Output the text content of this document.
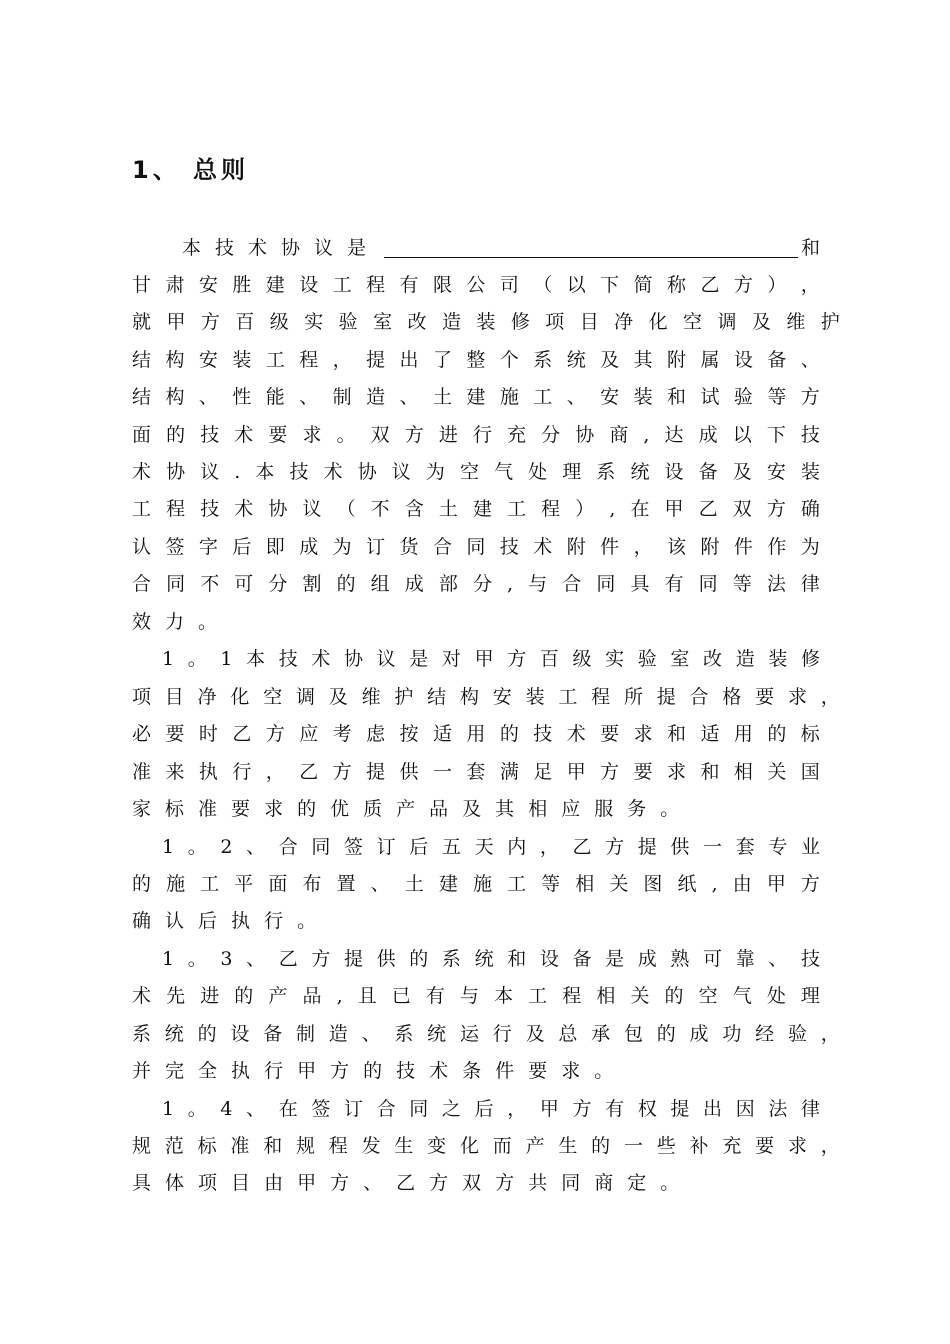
1、 总则
本技术协议是	和
甘 肃 安 胜 建 设 工 程 有 限 公 司 （ 以 下 简 称 乙 方 ） ，
就 甲 方 百 级 实 验 室 改 造 装 修 项 目 净 化 空 调 及 维 护
结 构 安 装 工 程 ， 提 出 了 整 个 系 统 及 其 附 属 设 备 、
结 构 、 性 能 、 制 造 、 土 建 施 工 、 安 装 和 试 验 等 方
面 的 技 术 要 求 。 双 方 进 行 充 分 协 商 , 达 成 以 下 技
术 协 议 . 本 技 术 协 议 为 空 气 处 理 系 统 设 备 及 安 装
工 程 技 术 协 议 （ 不 含 土 建 工 程 ） , 在 甲 乙 双 方 确
认 签 字 后 即 成 为 订 货 合 同 技 术 附 件 ， 该 附 件 作 为
合 同 不 可 分 割 的 组 成 部 分 , 与 合 同 具 有 同 等 法 律
效 力 。
1 。 1 本 技 术 协 议 是 对 甲 方 百 级 实 验 室 改 造 装 修
项 目 净 化 空 调 及 维 护 结 构 安 装 工 程 所 提 合 格 要 求 ，
必 要 时 乙 方 应 考 虑 按 适 用 的 技 术 要 求 和 适 用 的 标
准 来 执 行 ， 乙 方 提 供 一 套 满 足 甲 方 要 求 和 相 关 国
家 标 准 要 求 的 优 质 产 品 及 其 相 应 服 务 。
1 。 2 、 合 同 签 订 后 五 天 内 ， 乙 方 提 供 一 套 专 业
的 施 工 平 面 布 置 、 土 建 施 工 等 相 关 图 纸 , 由 甲 方
确 认 后 执 行 。
1 。 3 、 乙 方 提 供 的 系 统 和 设 备 是 成 熟 可 靠 、 技
术 先 进 的 产 品 , 且 已 有 与 本 工 程 相 关 的 空 气 处 理
系 统 的 设 备 制 造 、 系 统 运 行 及 总 承 包 的 成 功 经 验 ，
并 完 全 执 行 甲 方 的 技 术 条 件 要 求 。
1 。 4 、 在 签 订 合 同 之 后 ， 甲 方 有 权 提 出 因 法 律
规 范 标 准 和 规 程 发 生 变 化 而 产 生 的 一 些 补 充 要 求 ，
具 体 项 目 由 甲 方 、 乙 方 双 方 共 同 商 定 。
